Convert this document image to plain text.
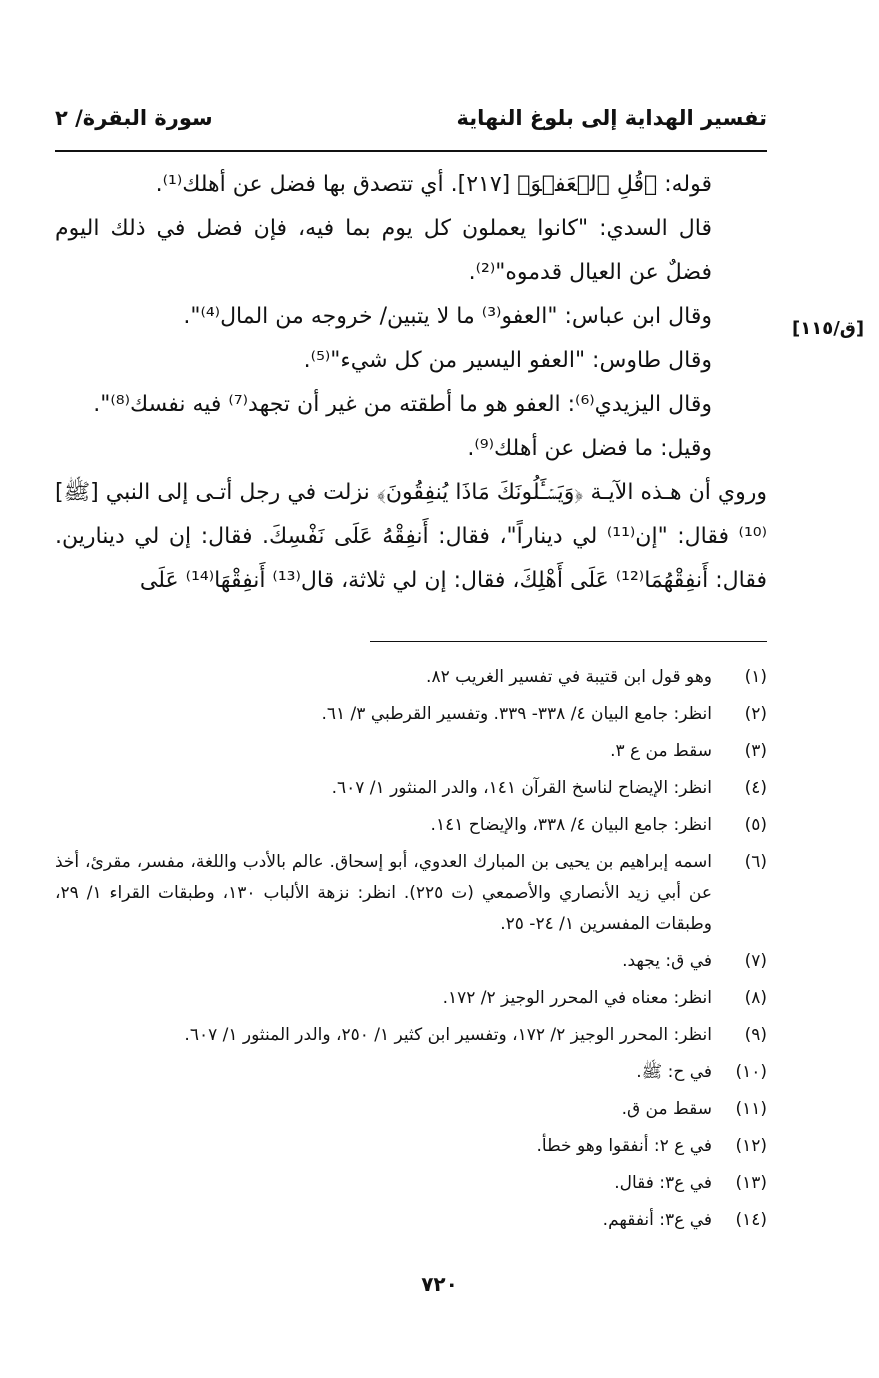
تفسير الهداية إلى بلوغ النهاية
سورة البقرة/ ٢
[ق/١١٥]

قوله: ﴿قُلِ ٱلۡعَفۡوَ﴾ [٢١٧]. أي تتصدق بها فضل عن أهلك⁽¹⁾.

قال السدي: "كانوا يعملون كل يوم بما فيه، فإن فضل في ذلك اليوم فضلٌ عن العيال قدموه"⁽²⁾.

وقال ابن عباس: "العفو⁽³⁾ ما لا يتبين/ خروجه من المال⁽⁴⁾".

وقال طاوس: "العفو اليسير من كل شيء"⁽⁵⁾.

وقال اليزيدي⁽⁶⁾: العفو هو ما أطقته من غير أن تجهد⁽⁷⁾ فيه نفسك⁽⁸⁾".

وقيل: ما فضل عن أهلك⁽⁹⁾.

وروي أن هـذه الآيـة ﴿وَيَسۡـَٔلُونَكَ مَاذَا يُنفِقُونَ﴾ نزلت في رجل أتـى إلى النبي [ﷺ]⁽¹⁰⁾ فقال: "إن⁽¹¹⁾ لي ديناراً"، فقال: أَنفِقْهُ عَلَى نَفْسِكَ. فقال: إن لي دينارين. فقال: أَنفِقْهُمَا⁽¹²⁾ عَلَى أَهْلِكَ، فقال: إن لي ثلاثة، قال⁽¹³⁾ أَنفِقْهَا⁽¹⁴⁾ عَلَى

(١)
وهو قول ابن قتيبة في تفسير الغريب ٨٢.
(٢)
انظر: جامع البيان ٤/ ٣٣٨- ٣٣٩. وتفسير القرطبي ٣/ ٦١.
(٣)
سقط من ع ٣.
(٤)
انظر: الإيضاح لناسخ القرآن ١٤١، والدر المنثور ١/ ٦٠٧.
(٥)
انظر: جامع البيان ٤/ ٣٣٨، والإيضاح ١٤١.
(٦)
اسمه إبراهيم بن يحيى بن المبارك العدوي، أبو إسحاق. عالم بالأدب واللغة، مفسر، مقرئ، أخذ عن أبي زيد الأنصاري والأصمعي (ت ٢٢٥). انظر: نزهة الألباب ١٣٠، وطبقات القراء ١/ ٢٩، وطبقات المفسرين ١/ ٢٤- ٢٥.
(٧)
في ق: يجهد.
(٨)
انظر: معناه في المحرر الوجيز ٢/ ١٧٢.
(٩)
انظر: المحرر الوجيز ٢/ ١٧٢، وتفسير ابن كثير ١/ ٢٥٠، والدر المنثور ١/ ٦٠٧.
(١٠)
في ح: ﷺ.
(١١)
سقط من ق.
(١٢)
في ع ٢: أنفقوا وهو خطأ.
(١٣)
في ع٣: فقال.
(١٤)
في ع٣: أنفقهم.
٧٢٠
